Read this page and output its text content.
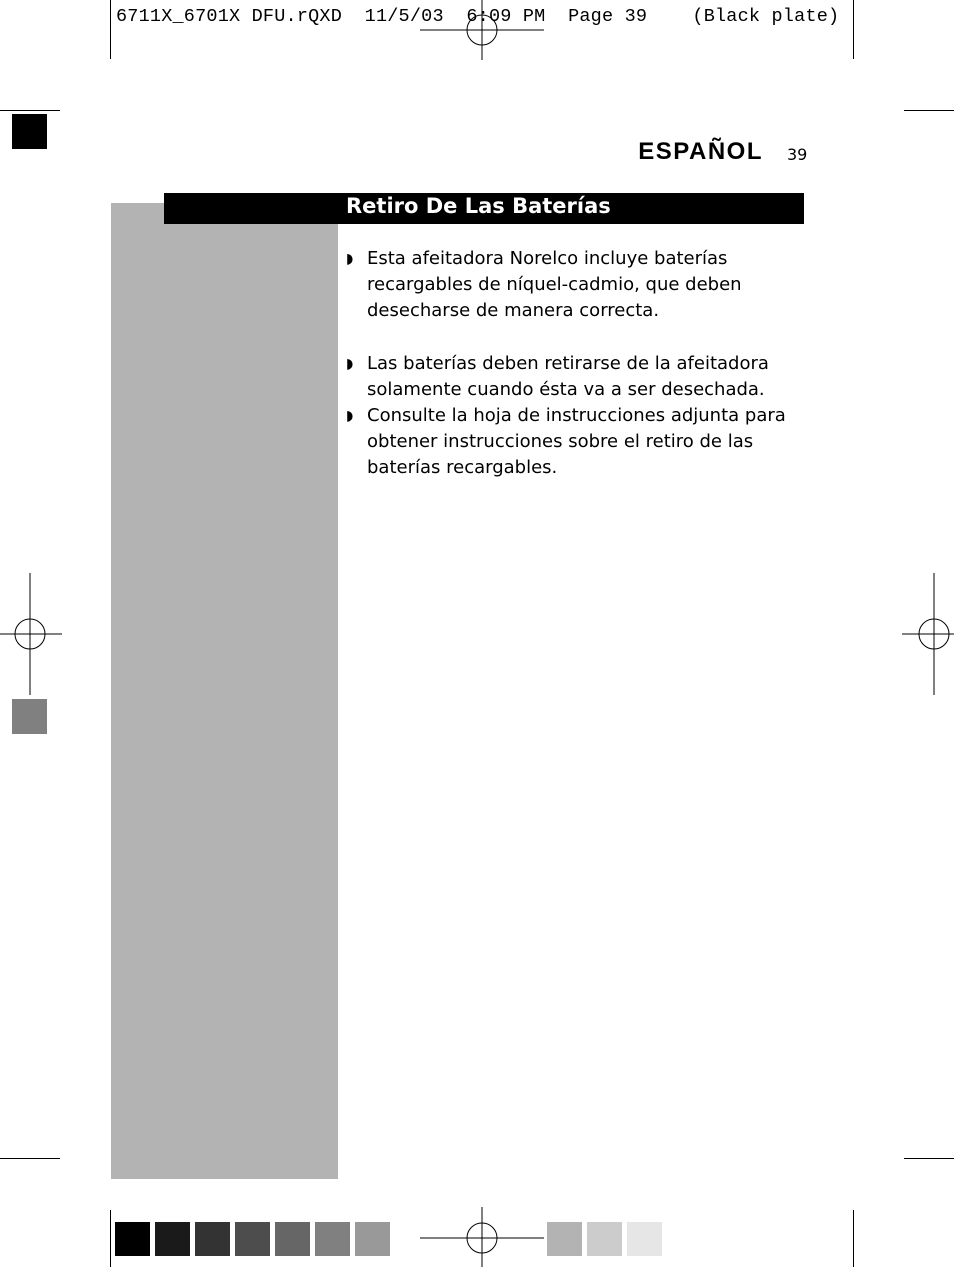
6711X_6701X DFU.rQXD  11/5/03  6:09 PM  Page 39    (Black plate)
ESPAÑOL 39
Retiro De Las Baterías
◗ Esta afeitadora Norelco incluye baterías recargables de níquel-cadmio, que deben desecharse de manera correcta.
◗ Las baterías deben retirarse de la afeitadora solamente cuando ésta va a ser desechada.
◗ Consulte la hoja de instrucciones adjunta para obtener instrucciones sobre el retiro de las baterías recargables.
